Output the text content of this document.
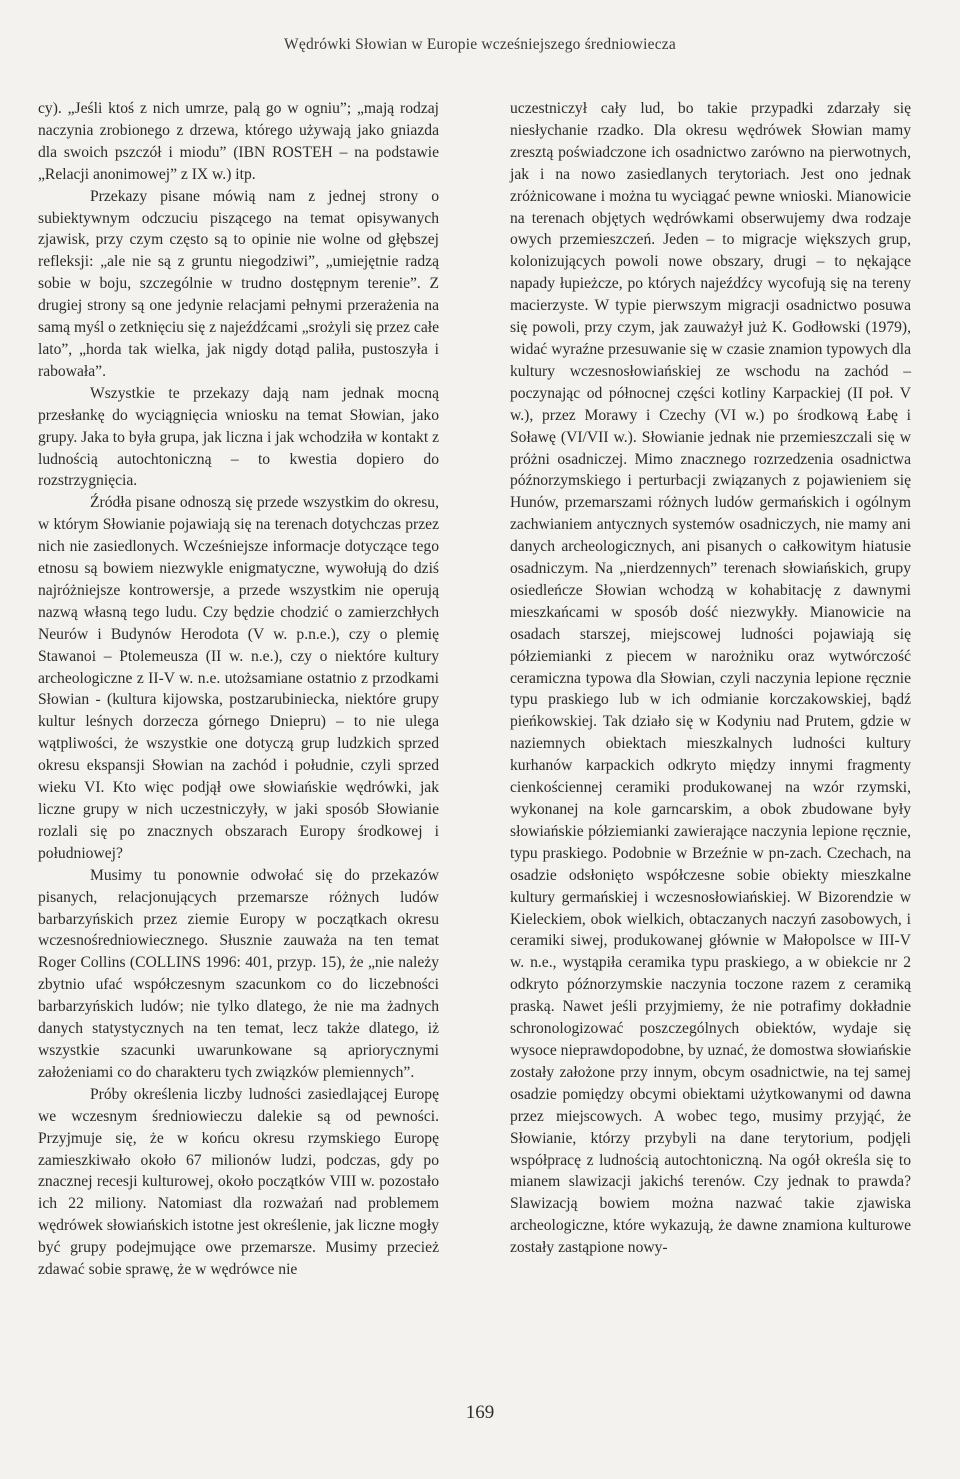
Wędrówki Słowian w Europie wcześniejszego średniowiecza

cy). „Jeśli ktoś z nich umrze, palą go w ogniu”; „mają rodzaj naczynia zrobionego z drzewa, którego używają jako gniazda dla swoich pszczół i miodu” (IBN ROSTEH – na podstawie „Relacji anonimowej” z IX w.) itp.

Przekazy pisane mówią nam z jednej strony o subiektywnym odczuciu piszącego na temat opisywanych zjawisk, przy czym często są to opinie nie wolne od głębszej refleksji: „ale nie są z gruntu niegodziwi”, „umiejętnie radzą sobie w boju, szczególnie w trudno dostępnym terenie”. Z drugiej strony są one jedynie relacjami pełnymi przerażenia na samą myśl o zetknięciu się z najeźdźcami „srożyli się przez całe lato”, „horda tak wielka, jak nigdy dotąd paliła, pustoszyła i rabowała”.

Wszystkie te przekazy dają nam jednak mocną przesłankę do wyciągnięcia wniosku na temat Słowian, jako grupy. Jaka to była grupa, jak liczna i jak wchodziła w kontakt z ludnością autochtoniczną – to kwestia dopiero do rozstrzygnięcia.

Źródła pisane odnoszą się przede wszystkim do okresu, w którym Słowianie pojawiają się na terenach dotychczas przez nich nie zasiedlonych. Wcześniejsze informacje dotyczące tego etnosu są bowiem niezwykle enigmatyczne, wywołują do dziś najróżniejsze kontrowersje, a przede wszystkim nie operują nazwą własną tego ludu. Czy będzie chodzić o zamierzchłych Neurów i Budynów Herodota (V w. p.n.e.), czy o plemię Stawanoi – Ptolemeusza (II w. n.e.), czy o niektóre kultury archeologiczne z II-V w. n.e. utożsamiane ostatnio z przodkami Słowian - (kultura kijowska, postzarubiniecka, niektóre grupy kultur leśnych dorzecza górnego Dniepru) – to nie ulega wątpliwości, że wszystkie one dotyczą grup ludzkich sprzed okresu ekspansji Słowian na zachód i południe, czyli sprzed wieku VI. Kto więc podjął owe słowiańskie wędrówki, jak liczne grupy w nich uczestniczyły, w jaki sposób Słowianie rozlali się po znacznych obszarach Europy środkowej i południowej?

Musimy tu ponownie odwołać się do przekazów pisanych, relacjonujących przemarsze różnych ludów barbarzyńskich przez ziemie Europy w początkach okresu wczesnośredniowiecznego. Słusznie zauważa na ten temat Roger Collins (COLLINS 1996: 401, przyp. 15), że „nie należy zbytnio ufać współczesnym szacunkom co do liczebności barbarzyńskich ludów; nie tylko dlatego, że nie ma żadnych danych statystycznych na ten temat, lecz także dlatego, iż wszystkie szacunki uwarunkowane są apriorycznymi założeniami co do charakteru tych związków plemiennych”.

Próby określenia liczby ludności zasiedlającej Europę we wczesnym średniowieczu dalekie są od pewności. Przyjmuje się, że w końcu okresu rzymskiego Europę zamieszkiwało około 67 milionów ludzi, podczas, gdy po znacznej recesji kulturowej, około początków VIII w. pozostało ich 22 miliony. Natomiast dla rozważań nad problemem wędrówek słowiańskich istotne jest określenie, jak liczne mogły być grupy podejmujące owe przemarsze. Musimy przecież zdawać sobie sprawę, że w wędrówce nie

uczestniczył cały lud, bo takie przypadki zdarzały się niesłychanie rzadko. Dla okresu wędrówek Słowian mamy zresztą poświadczone ich osadnictwo zarówno na pierwotnych, jak i na nowo zasiedlanych terytoriach. Jest ono jednak zróżnicowane i można tu wyciągać pewne wnioski. Mianowicie na terenach objętych wędrówkami obserwujemy dwa rodzaje owych przemieszczeń. Jeden – to migracje większych grup, kolonizujących powoli nowe obszary, drugi – to nękające napady łupieżcze, po których najeźdźcy wycofują się na tereny macierzyste. W typie pierwszym migracji osadnictwo posuwa się powoli, przy czym, jak zauważył już K. Godłowski (1979), widać wyraźne przesuwanie się w czasie znamion typowych dla kultury wczesnosłowiańskiej ze wschodu na zachód – poczynając od północnej części kotliny Karpackiej (II poł. V w.), przez Morawy i Czechy (VI w.) po środkową Łabę i Soławę (VI/VII w.). Słowianie jednak nie przemieszczali się w próżni osadniczej. Mimo znacznego rozrzedzenia osadnictwa późnorzymskiego i perturbacji związanych z pojawieniem się Hunów, przemarszami różnych ludów germańskich i ogólnym zachwianiem antycznych systemów osadniczych, nie mamy ani danych archeologicznych, ani pisanych o całkowitym hiatusie osadniczym. Na „nierdzennych” terenach słowiańskich, grupy osiedleńcze Słowian wchodzą w kohabitację z dawnymi mieszkańcami w sposób dość niezwykły. Mianowicie na osadach starszej, miejscowej ludności pojawiają się półziemianki z piecem w narożniku oraz wytwórczość ceramiczna typowa dla Słowian, czyli naczynia lepione ręcznie typu praskiego lub w ich odmianie korczakowskiej, bądź pieńkowskiej. Tak działo się w Kodyniu nad Prutem, gdzie w naziemnych obiektach mieszkalnych ludności kultury kurhanów karpackich odkryto między innymi fragmenty cienkościennej ceramiki produkowanej na wzór rzymski, wykonanej na kole garncarskim, a obok zbudowane były słowiańskie półziemianki zawierające naczynia lepione ręcznie, typu praskiego. Podobnie w Brzeźnie w pn-zach. Czechach, na osadzie odsłonięto współczesne sobie obiekty mieszkalne kultury germańskiej i wczesnosłowiańskiej. W Bizorendzie w Kieleckiem, obok wielkich, obtaczanych naczyń zasobowych, i ceramiki siwej, produkowanej głównie w Małopolsce w III-V w. n.e., wystąpiła ceramika typu praskiego, a w obiekcie nr 2 odkryto późnorzymskie naczynia toczone razem z ceramiką praską. Nawet jeśli przyjmiemy, że nie potrafimy dokładnie schronologizować poszczególnych obiektów, wydaje się wysoce nieprawdopodobne, by uznać, że domostwa słowiańskie zostały założone przy innym, obcym osadnictwie, na tej samej osadzie pomiędzy obcymi obiektami użytkowanymi od dawna przez miejscowych. A wobec tego, musimy przyjąć, że Słowianie, którzy przybyli na dane terytorium, podjęli współpracę z ludnością autochtoniczną. Na ogół określa się to mianem slawizacji jakichś terenów. Czy jednak to prawda? Slawizacją bowiem można nazwać takie zjawiska archeologiczne, które wykazują, że dawne znamiona kulturowe zostały zastąpione nowy-

169
